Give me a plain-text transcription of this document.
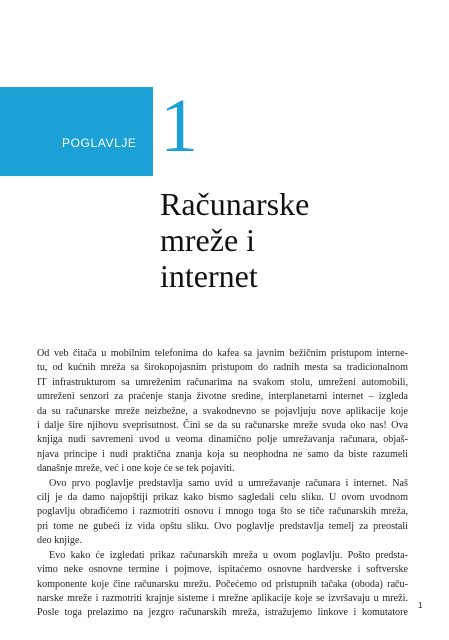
POGLAVLJE 1
Računarske
mreže i
internet
Od veb čitača u mobilnim telefonima do kafea sa javnim bežičnim pristupom interne-
tu, od kućnih mreža sa širokopojasnim pristupom do radnih mesta sa tradicionalnom
IT infrastrukturom sa umreženim računarima na svakom stolu, umreženi automobili,
umreženi senzori za praćenje stanja životne sredine, interplanetarni internet – izgleda
da su računarske mreže neizbežne, a svakodnevno se pojavljuju nove aplikacije koje
i dalje šire njihovu sveprisutnost. Čini se da su računarske mreže svuda oko nas! Ova
knjiga nudi savremeni uvod u veoma dinamično polje umrežavanja računara, objaš-
njava principe i nudi praktična znanja koja su neophodna ne samo da biste razumeli
današnje mreže, već i one koje će se tek pojaviti.
Ovo prvo poglavlje predstavlja samo uvid u umrežavanje računara i internet. Naš
cilj je da damo najopštiji prikaz kako bismo sagledali celu sliku. U ovom uvodnom
poglavlju obrađićemo i razmotriti osnovu i mnogo toga što se tiče računarskih mreža,
pri tome ne gubeći iz vida opštu sliku. Ovo poglavlje predstavlja temelj za preostali
deo knjige.
Evo kako će izgledati prikaz računarskih mreža u ovom poglavlju. Pošto predsta-
vimo neke osnovne termine i pojmove, ispitaćemo osnovne hardverske i softverske
komponente koje čine računarsku mrežu. Počećemo od pristupnih tačaka (oboda) raču-
narske mreže i razmotriti krajnje sisteme i mrežne aplikacije koje se izvršavaju u mreži.
Posle toga prelazimo na jezgro računarskih mreža, istražujemo linkove i komutatore
1
